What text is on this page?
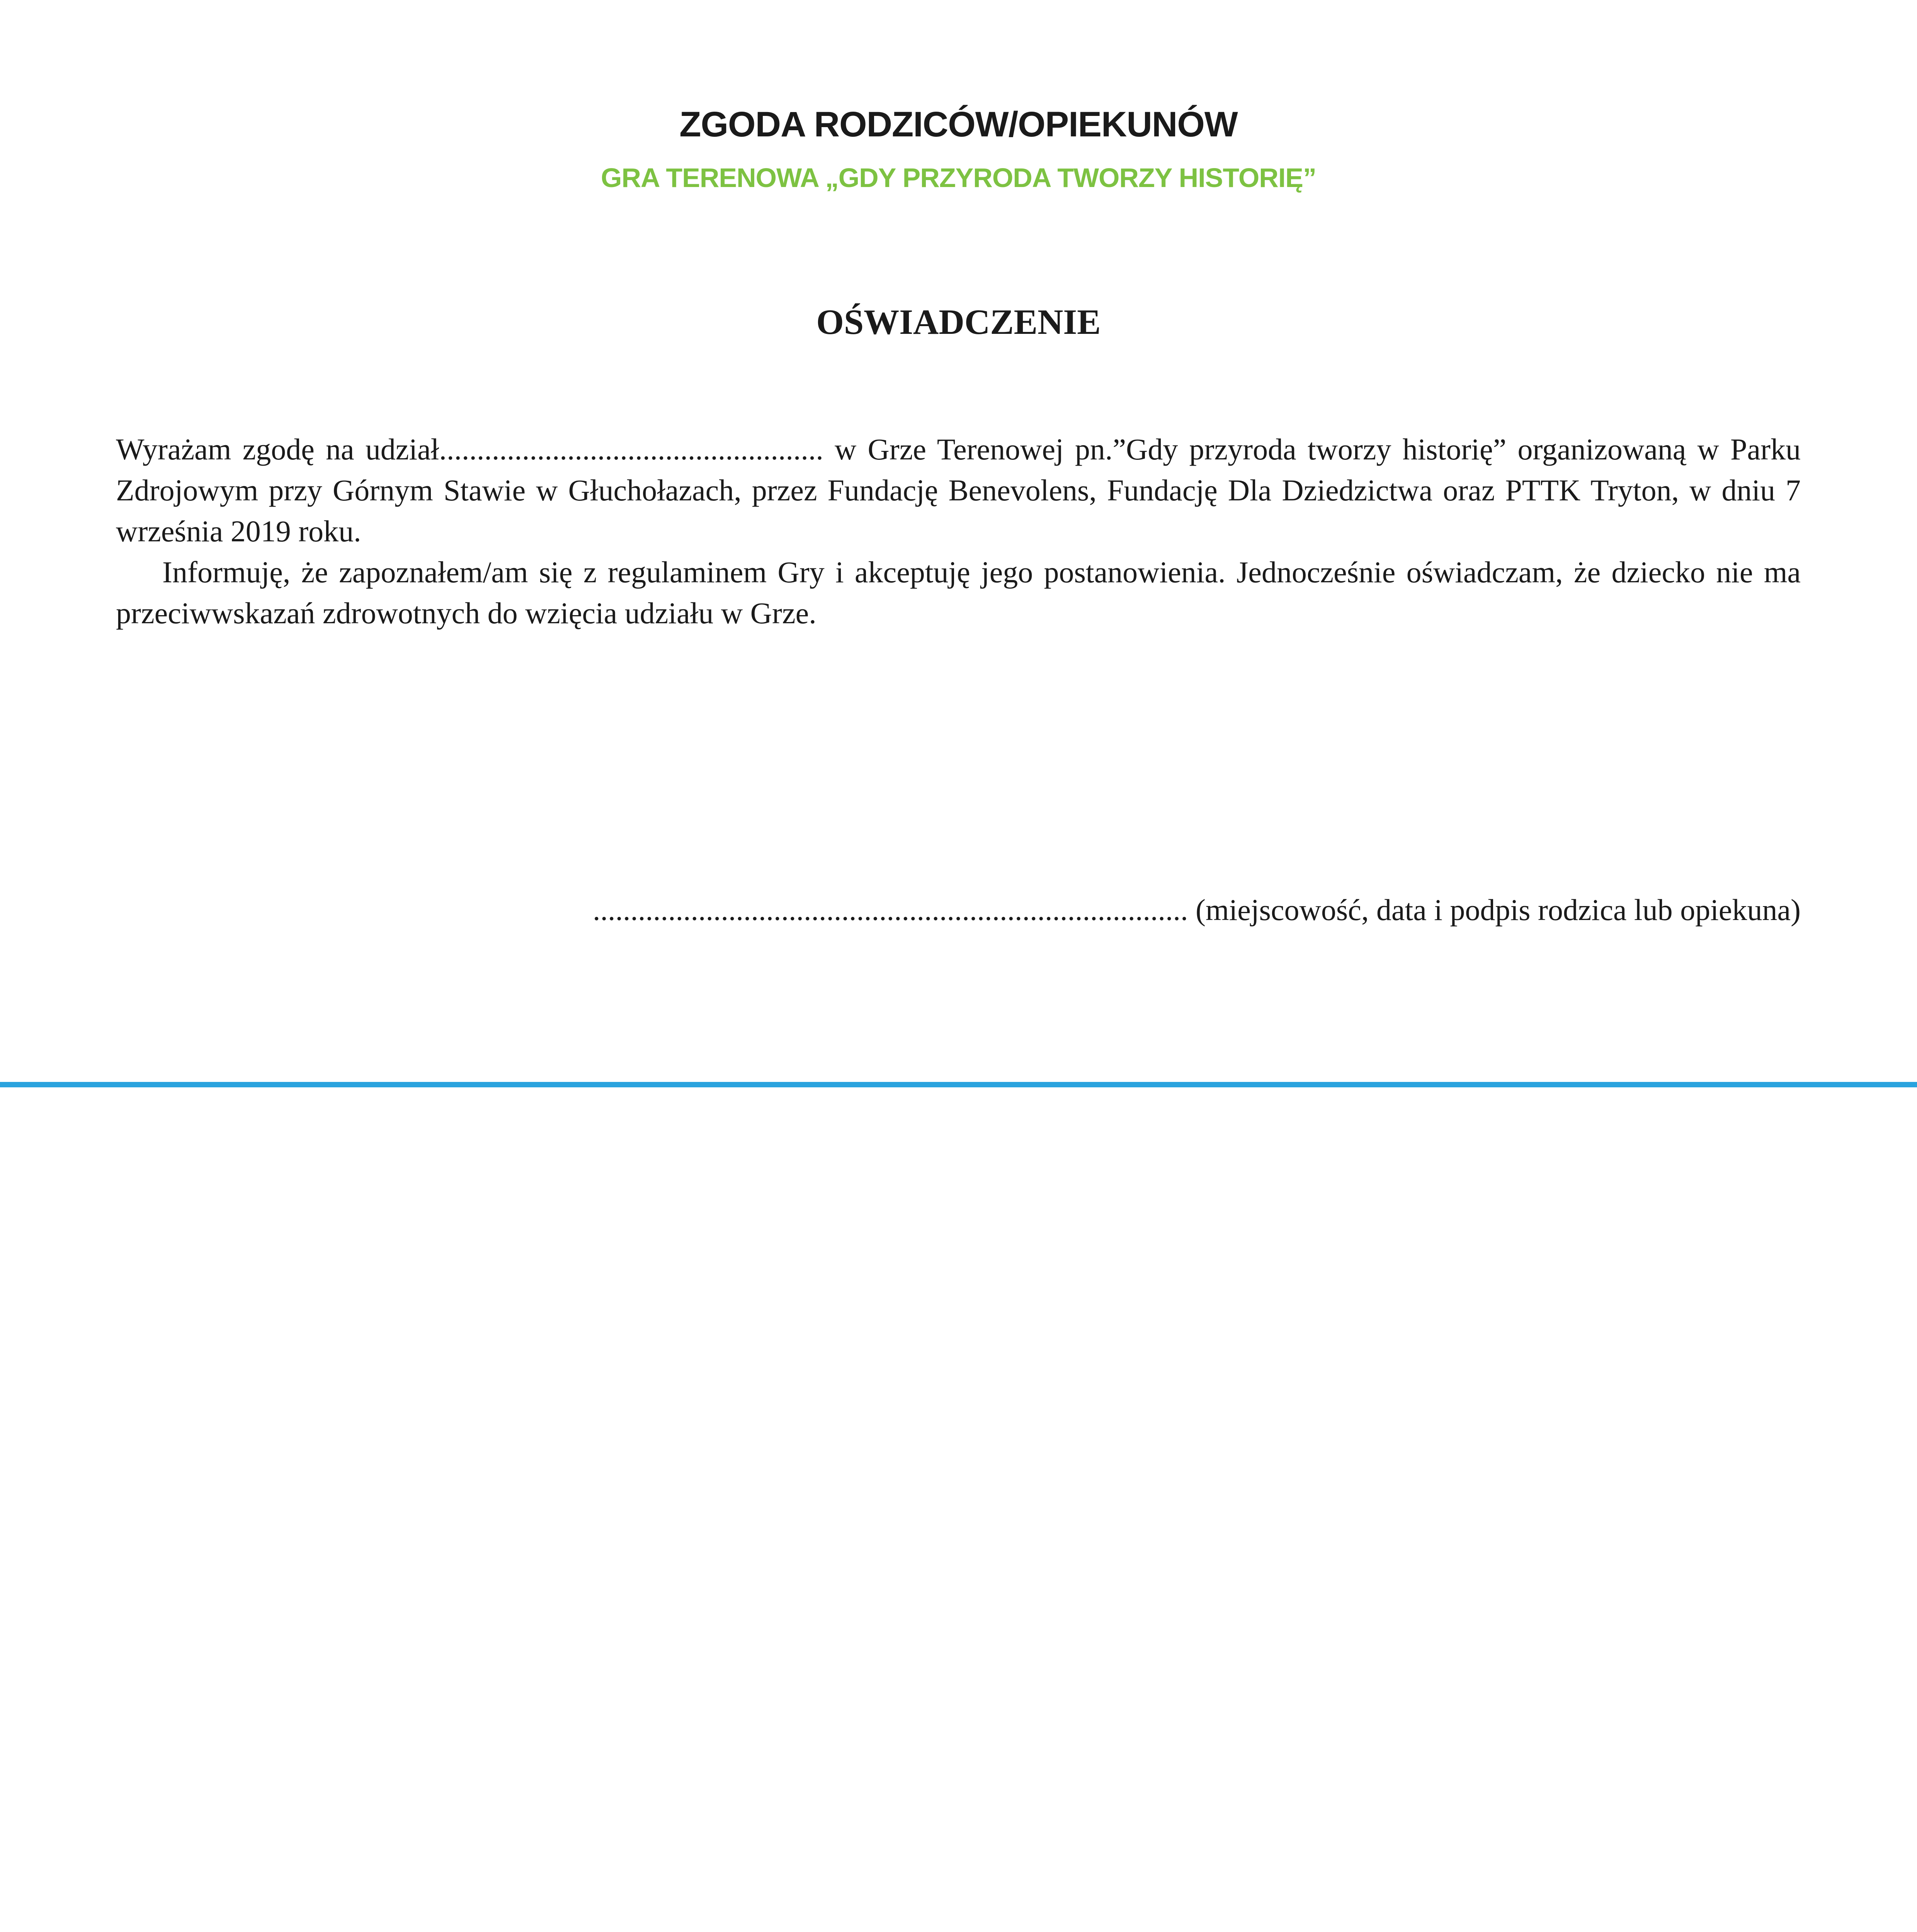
ZGODA RODZICÓW/OPIEKUNÓW
GRA TERENOWA „GDY PRZYRODA TWORZY HISTORIĘ”
OŚWIADCZENIE

Wyrażam zgodę na udział................................................... w Grze Terenowej pn.”Gdy przyroda tworzy historię” organizowaną w Parku Zdrojowym przy Górnym Stawie w Głuchołazach, przez Fundację Benevolens, Fundację Dla Dziedzictwa oraz PTTK Tryton, w dniu 7 września 2019 roku.

Informuję, że zapoznałem/am się z regulaminem Gry i akceptuję jego postanowienia. Jednocześnie oświadczam, że dziecko nie ma przeciwwskazań zdrowotnych do wzięcia udziału w Grze.

............................................................................... (miejscowość, data i podpis rodzica lub opiekuna)
